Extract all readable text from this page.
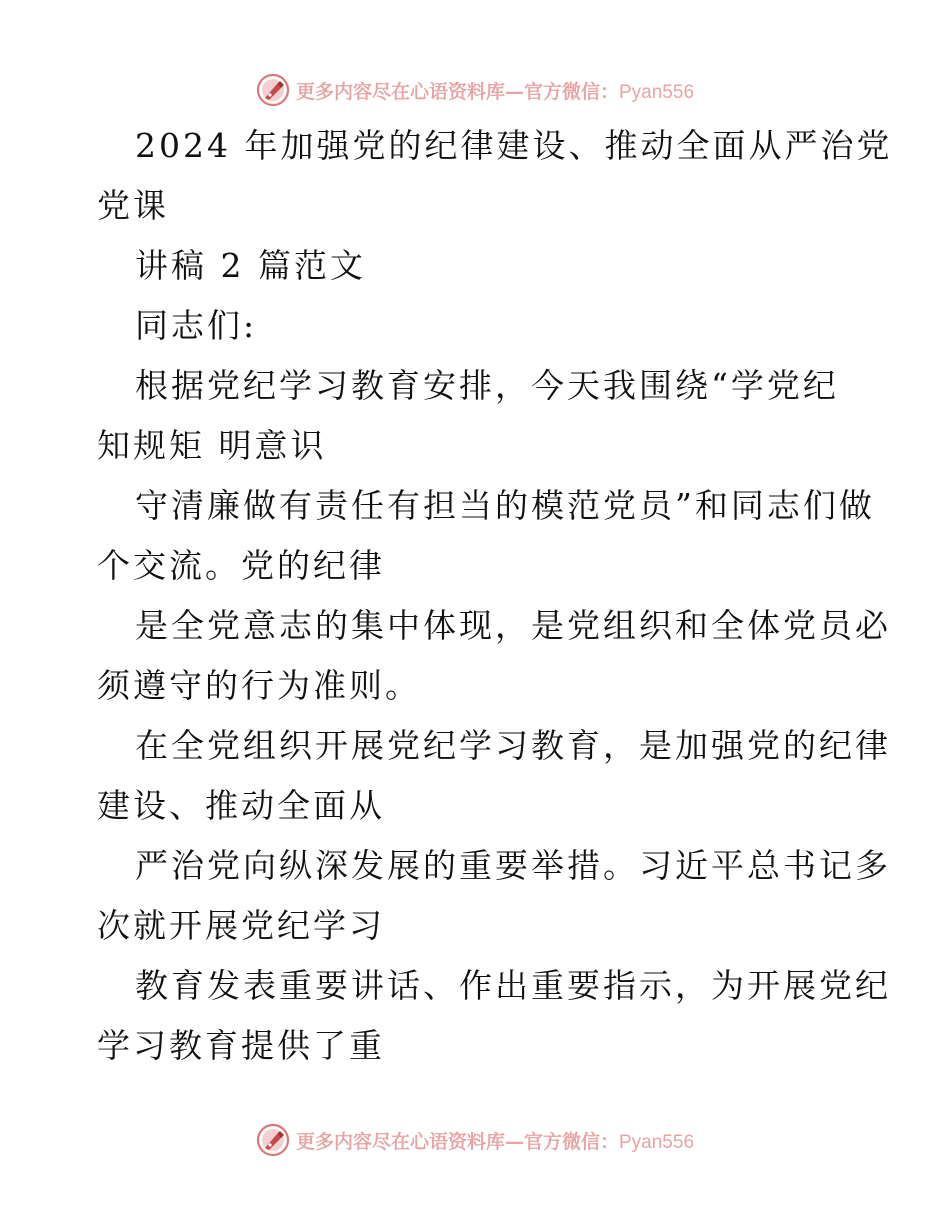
更多内容尽在心语资料库—官方微信：Pyan556

2024 年加强党的纪律建设、推动全面从严治党

党课

讲稿 2 篇范文

同志们:

根据党纪学习教育安排，今天我围绕“学党纪

知规矩 明意识

守清廉做有责任有担当的模范党员”和同志们做

个交流。党的纪律

是全党意志的集中体现，是党组织和全体党员必

须遵守的行为准则。

在全党组织开展党纪学习教育，是加强党的纪律

建设、推动全面从

严治党向纵深发展的重要举措。习近平总书记多

次就开展党纪学习

教育发表重要讲话、作出重要指示，为开展党纪

学习教育提供了重

更多内容尽在心语资料库—官方微信：Pyan556
